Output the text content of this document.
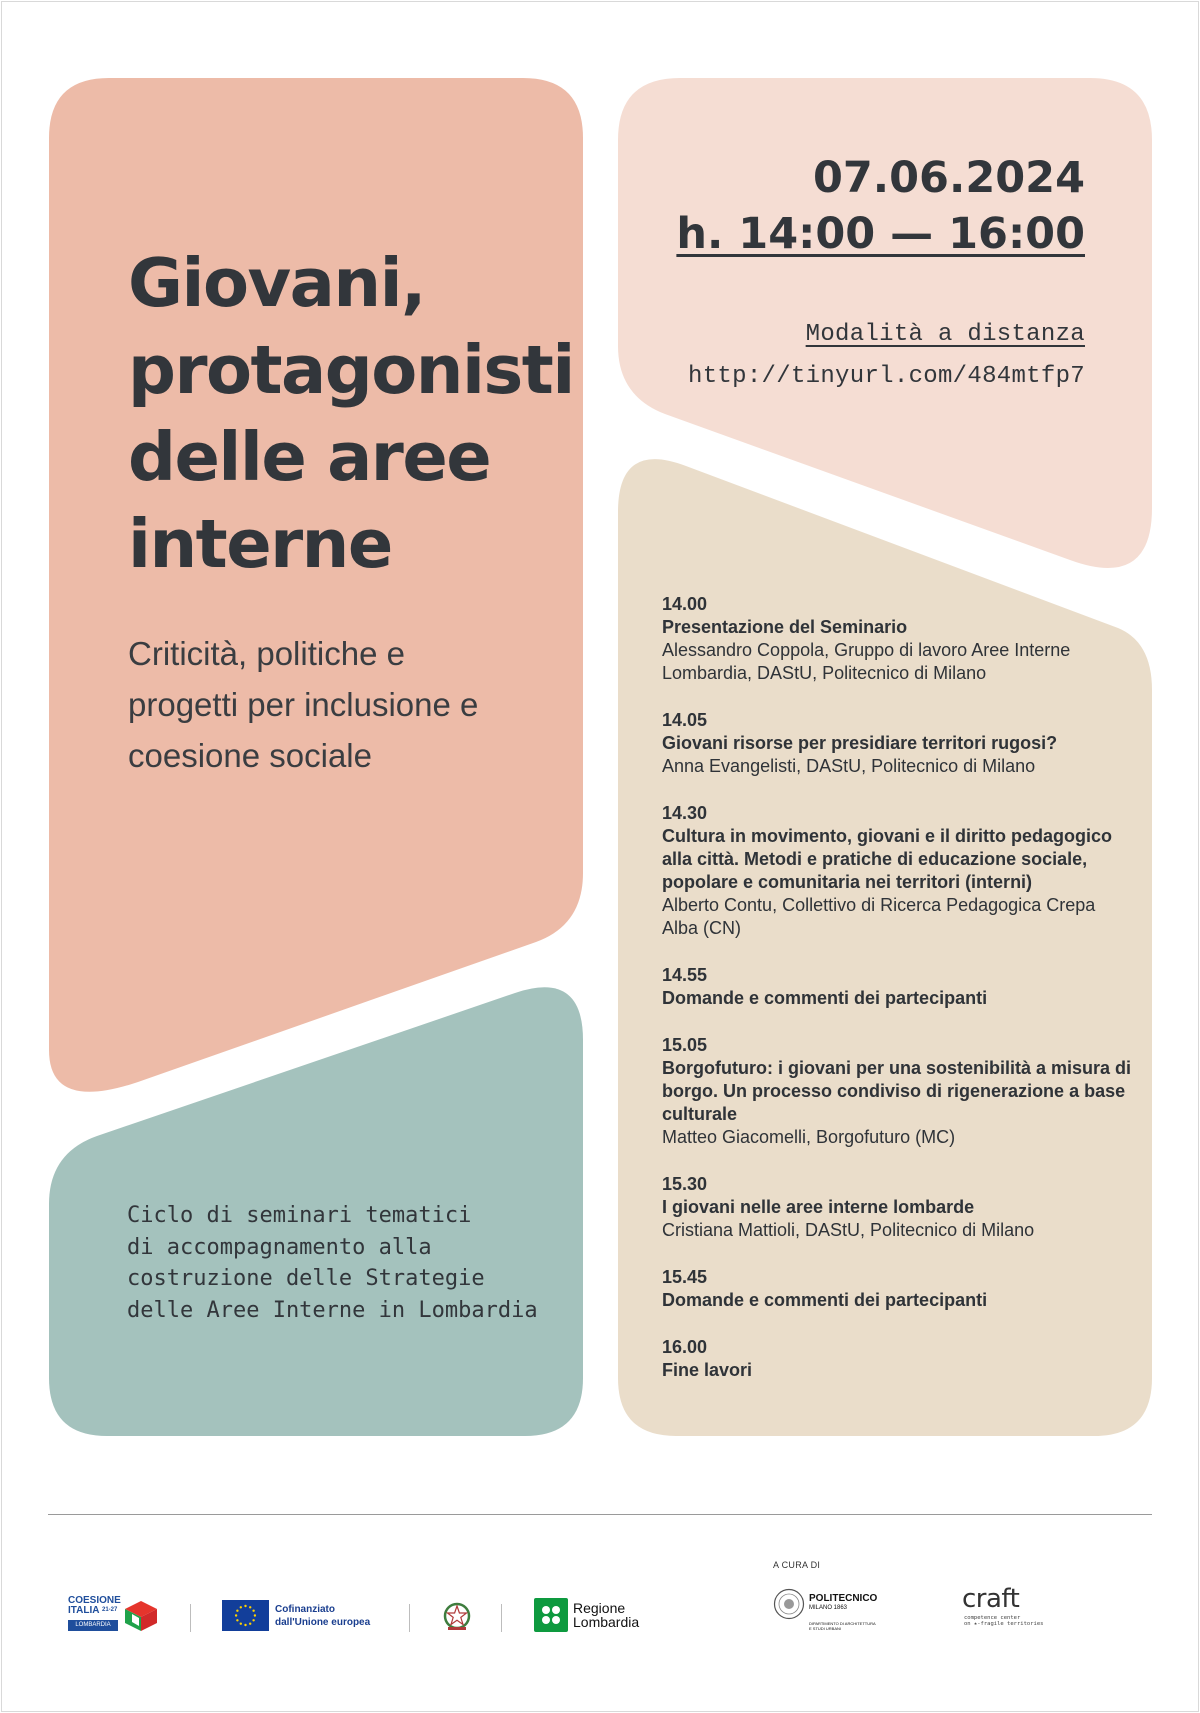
Giovani,
protagonisti
delle aree
interne
Criticità, politiche e
progetti per inclusione e
coesione sociale
07.06.2024
h. 14:00 — 16:00
Modalità a distanza
http://tinyurl.com/484mtfp7
Ciclo di seminari tematici
di accompagnamento alla
costruzione delle Strategie
delle Aree Interne in Lombardia
14.00
Presentazione del Seminario
Alessandro Coppola, Gruppo di lavoro Aree Interne Lombardia, DAStU, Politecnico di Milano
14.05
Giovani risorse per presidiare territori rugosi?
Anna Evangelisti, DAStU, Politecnico di Milano
14.30
Cultura in movimento, giovani e il diritto pedagogico alla città. Metodi e pratiche di educazione sociale, popolare e comunitaria nei territori (interni)
Alberto Contu, Collettivo di Ricerca Pedagogica Crepa Alba (CN)
14.55
Domande e commenti dei partecipanti
15.05
Borgofuturo: i giovani per una sostenibilità a misura di borgo. Un processo condiviso di rigenerazione a base culturale
Matteo Giacomelli, Borgofuturo (MC)
15.30
I giovani nelle aree interne lombarde
Cristiana Mattioli, DAStU, Politecnico di Milano
15.45
Domande e commenti dei partecipanti
16.00
Fine lavori
COESIONE
ITALIA 21-27
LOMBARDIA
Cofinanziato
dall'Unione europea
Regione
Lombardia
A CURA DI
POLITECNICO
MILANO 1863
DIPARTIMENTO DI ARCHITETTURA
E STUDI URBANI
craft
competence center
on ★-fragile territories
